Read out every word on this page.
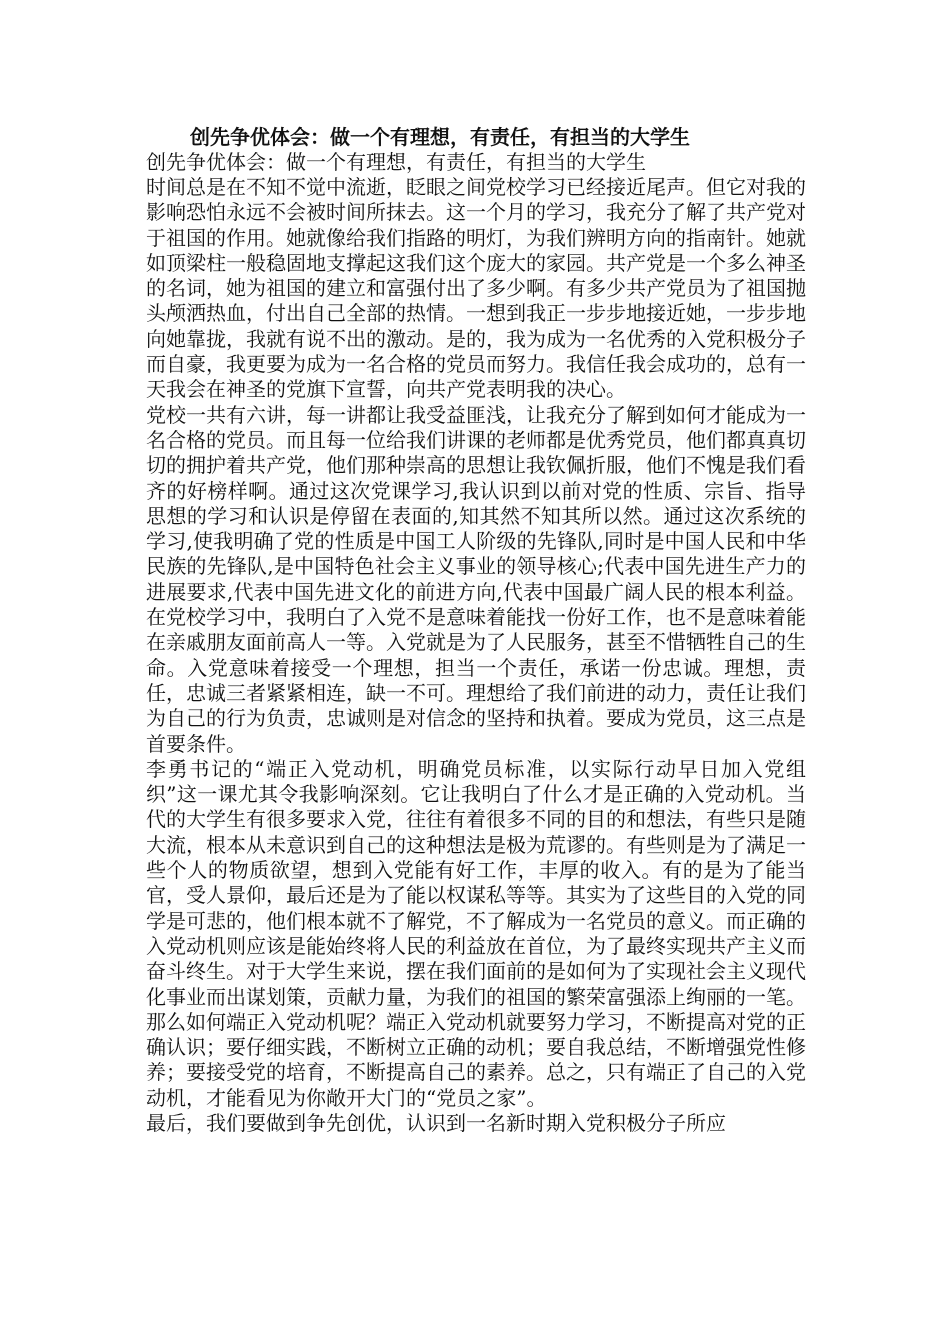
创先争优体会：做一个有理想，有责任，有担当的大学生

创先争优体会：做一个有理想，有责任，有担当的大学生

时间总是在不知不觉中流逝，眨眼之间党校学习已经接近尾声。但它对我的影响恐怕永远不会被时间所抹去。这一个月的学习，我充分了解了共产党对于祖国的作用。她就像给我们指路的明灯，为我们辨明方向的指南针。她就如顶梁柱一般稳固地支撑起这我们这个庞大的家园。共产党是一个多么神圣的名词，她为祖国的建立和富强付出了多少啊。有多少共产党员为了祖国抛头颅洒热血，付出自己全部的热情。一想到我正一步步地接近她，一步步地向她靠拢，我就有说不出的激动。是的，我为成为一名优秀的入党积极分子而自豪，我更要为成为一名合格的党员而努力。我信任我会成功的，总有一天我会在神圣的党旗下宣誓，向共产党表明我的决心。

党校一共有六讲，每一讲都让我受益匪浅，让我充分了解到如何才能成为一名合格的党员。而且每一位给我们讲课的老师都是优秀党员，他们都真真切切的拥护着共产党，他们那种崇高的思想让我钦佩折服，他们不愧是我们看齐的好榜样啊。通过这次党课学习,我认识到以前对党的性质、宗旨、指导思想的学习和认识是停留在表面的,知其然不知其所以然。通过这次系统的学习,使我明确了党的性质是中国工人阶级的先锋队,同时是中国人民和中华民族的先锋队,是中国特色社会主义事业的领导核心;代表中国先进生产力的进展要求,代表中国先进文化的前进方向,代表中国最广阔人民的根本利益。在党校学习中，我明白了入党不是意味着能找一份好工作，也不是意味着能在亲戚朋友面前高人一等。入党就是为了人民服务，甚至不惜牺牲自己的生命。入党意味着接受一个理想，担当一个责任，承诺一份忠诚。理想，责任，忠诚三者紧紧相连，缺一不可。理想给了我们前进的动力，责任让我们为自己的行为负责，忠诚则是对信念的坚持和执着。要成为党员，这三点是首要条件。

李勇书记的“端正入党动机，明确党员标准，以实际行动早日加入党组织”这一课尤其令我影响深刻。它让我明白了什么才是正确的入党动机。当代的大学生有很多要求入党，往往有着很多不同的目的和想法，有些只是随大流，根本从未意识到自己的这种想法是极为荒谬的。有些则是为了满足一些个人的物质欲望，想到入党能有好工作，丰厚的收入。有的是为了能当官，受人景仰，最后还是为了能以权谋私等等。其实为了这些目的入党的同学是可悲的，他们根本就不了解党，不了解成为一名党员的意义。而正确的入党动机则应该是能始终将人民的利益放在首位，为了最终实现共产主义而奋斗终生。对于大学生来说，摆在我们面前的是如何为了实现社会主义现代化事业而出谋划策，贡献力量，为我们的祖国的繁荣富强添上绚丽的一笔。那么如何端正入党动机呢？端正入党动机就要努力学习，不断提高对党的正确认识；要仔细实践，不断树立正确的动机；要自我总结，不断增强党性修养；要接受党的培育，不断提高自己的素养。总之，只有端正了自己的入党动机，才能看见为你敞开大门的“党员之家”。

最后，我们要做到争先创优，认识到一名新时期入党积极分子所应
